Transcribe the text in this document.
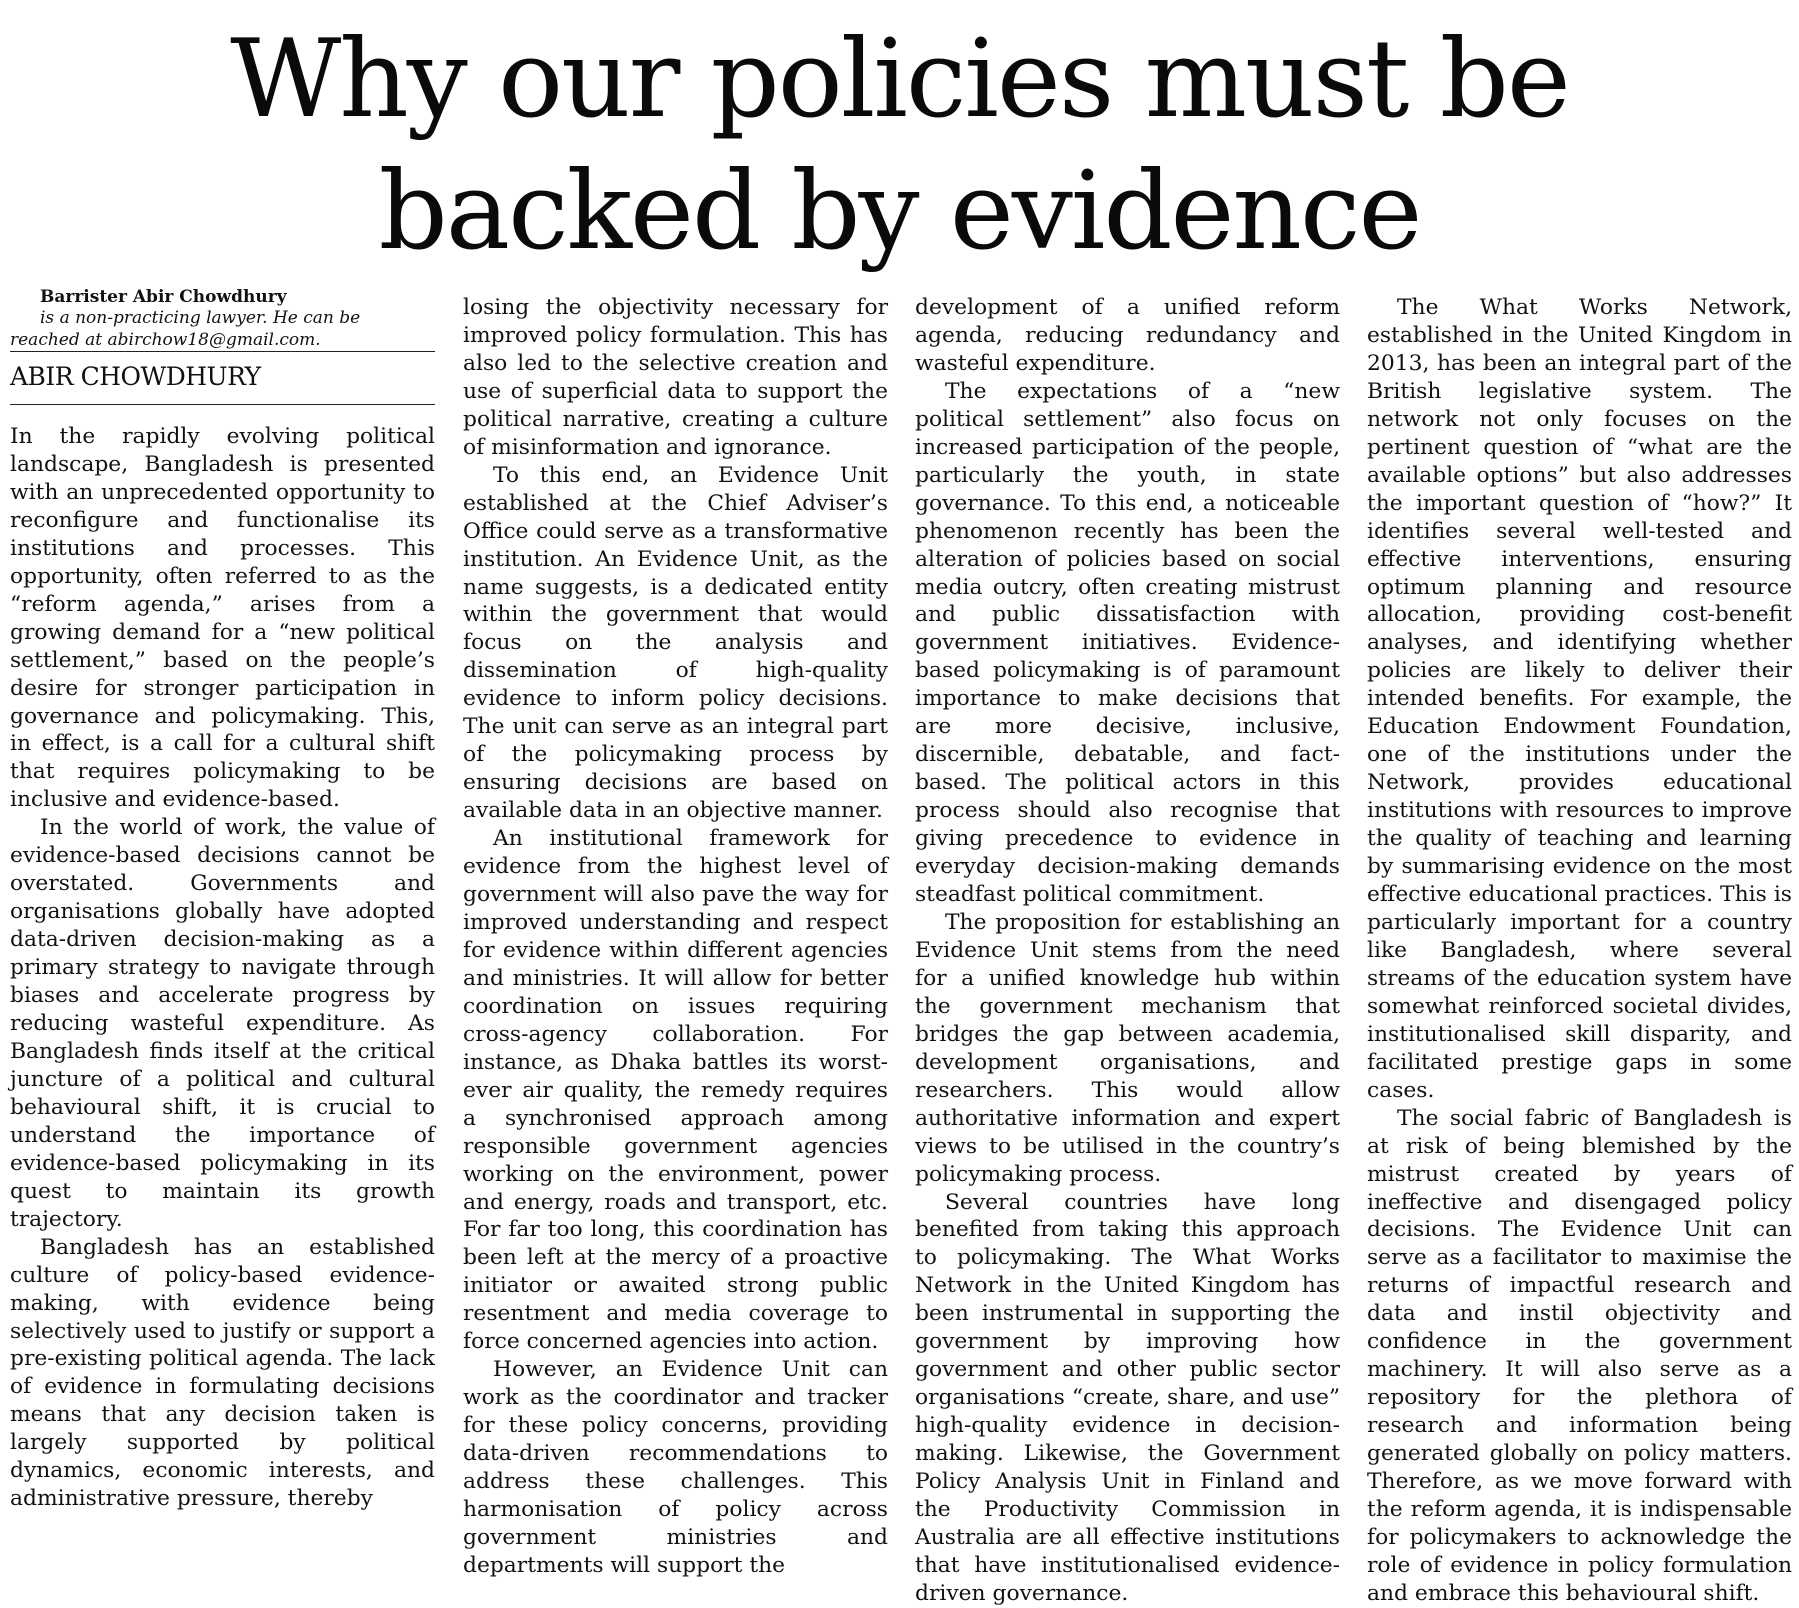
Why our policies must be
backed by evidence

Barrister Abir Chowdhury

is a non-practicing lawyer. He can be reached at abirchow18@gmail.com.

ABIR CHOWDHURY

In the rapidly evolving political landscape, Bangladesh is presented with an unprecedented opportunity to reconfigure and functionalise its institutions and processes. This opportunity, often referred to as the “reform agenda,” arises from a growing demand for a “new political settlement,” based on the people’s desire for stronger participation in governance and policymaking. This, in effect, is a call for a cultural shift that requires policymaking to be inclusive and evidence-based.

In the world of work, the value of evidence-based decisions cannot be overstated. Governments and organisations globally have adopted data-driven decision-making as a primary strategy to navigate through biases and accelerate progress by reducing wasteful expenditure. As Bangladesh finds itself at the critical juncture of a political and cultural behavioural shift, it is crucial to understand the importance of evidence-based policymaking in its quest to maintain its growth trajectory.

Bangladesh has an established culture of policy-based evidence-making, with evidence being selectively used to justify or support a pre-existing political agenda. The lack of evidence in formulating decisions means that any decision taken is largely supported by political dynamics, economic interests, and administrative pressure, thereby

losing the objectivity necessary for improved policy formulation. This has also led to the selective creation and use of superficial data to support the political narrative, creating a culture of misinformation and ignorance.

To this end, an Evidence Unit established at the Chief Adviser’s Office could serve as a transformative institution. An Evidence Unit, as the name suggests, is a dedicated entity within the government that would focus on the analysis and dissemination of high-quality evidence to inform policy decisions. The unit can serve as an integral part of the policymaking process by ensuring decisions are based on available data in an objective manner.

An institutional framework for evidence from the highest level of government will also pave the way for improved understanding and respect for evidence within different agencies and ministries. It will allow for better coordination on issues requiring cross-agency collaboration. For instance, as Dhaka battles its worst-ever air quality, the remedy requires a synchronised approach among responsible government agencies working on the environment, power and energy, roads and transport, etc. For far too long, this coordination has been left at the mercy of a proactive initiator or awaited strong public resentment and media coverage to force concerned agencies into action.

However, an Evidence Unit can work as the coordinator and tracker for these policy concerns, providing data-driven recommendations to address these challenges. This harmonisation of policy across government ministries and departments will support the

development of a unified reform agenda, reducing redundancy and wasteful expenditure.

The expectations of a “new political settlement” also focus on increased participation of the people, particularly the youth, in state governance. To this end, a noticeable phenomenon recently has been the alteration of policies based on social media outcry, often creating mistrust and public dissatisfaction with government initiatives. Evidence-based policymaking is of paramount importance to make decisions that are more decisive, inclusive, discernible, debatable, and fact-based. The political actors in this process should also recognise that giving precedence to evidence in everyday decision-making demands steadfast political commitment.

The proposition for establishing an Evidence Unit stems from the need for a unified knowledge hub within the government mechanism that bridges the gap between academia, development organisations, and researchers. This would allow authoritative information and expert views to be utilised in the country’s policymaking process.

Several countries have long benefited from taking this approach to policymaking. The What Works Network in the United Kingdom has been instrumental in supporting the government by improving how government and other public sector organisations “create, share, and use” high-quality evidence in decision-making. Likewise, the Government Policy Analysis Unit in Finland and the Productivity Commission in Australia are all effective institutions that have institutionalised evidence-driven governance.

The What Works Network, established in the United Kingdom in 2013, has been an integral part of the British legislative system. The network not only focuses on the pertinent question of “what are the available options” but also addresses the important question of “how?” It identifies several well-tested and effective interventions, ensuring optimum planning and resource allocation, providing cost-benefit analyses, and identifying whether policies are likely to deliver their intended benefits. For example, the Education Endowment Foundation, one of the institutions under the Network, provides educational institutions with resources to improve the quality of teaching and learning by summarising evidence on the most effective educational practices. This is particularly important for a country like Bangladesh, where several streams of the education system have somewhat reinforced societal divides, institutionalised skill disparity, and facilitated prestige gaps in some cases.

The social fabric of Bangladesh is at risk of being blemished by the mistrust created by years of ineffective and disengaged policy decisions. The Evidence Unit can serve as a facilitator to maximise the returns of impactful research and data and instil objectivity and confidence in the government machinery. It will also serve as a repository for the plethora of research and information being generated globally on policy matters. Therefore, as we move forward with the reform agenda, it is indispensable for policymakers to acknowledge the role of evidence in policy formulation and embrace this behavioural shift.
